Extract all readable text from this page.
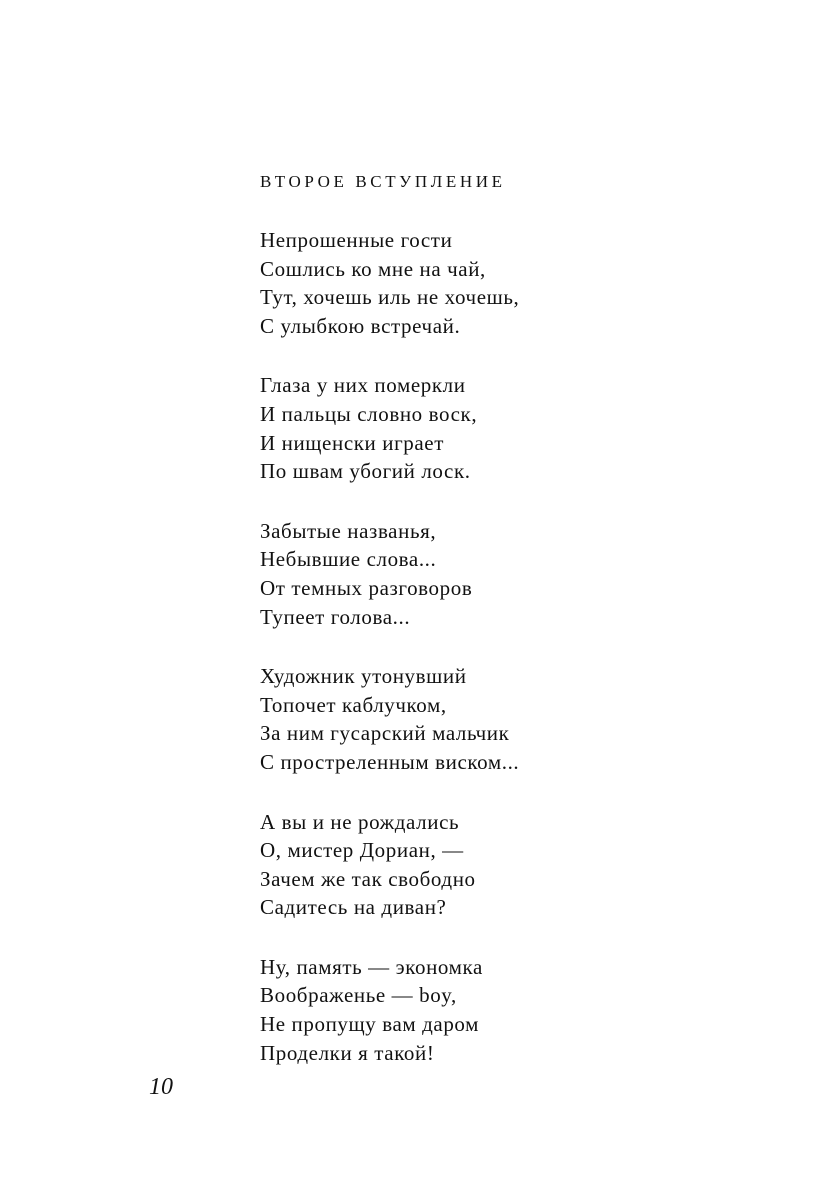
ВТОРОЕ ВСТУПЛЕНИЕ
Непрошенные гости
Сошлись ко мне на чай,
Тут, хочешь иль не хочешь,
С улыбкою встречай.
Глаза у них померкли
И пальцы словно воск,
И нищенски играет
По швам убогий лоск.
Забытые названья,
Небывшие слова...
От темных разговоров
Тупеет голова...
Художник утонувший
Топочет каблучком,
За ним гусарский мальчик
С простреленным виском...
А вы и не рождались
О, мистер Дориан, —
Зачем же так свободно
Садитесь на диван?
Ну, память — экономка
Воображенье — boy,
Не пропущу вам даром
Проделки я такой!
10
